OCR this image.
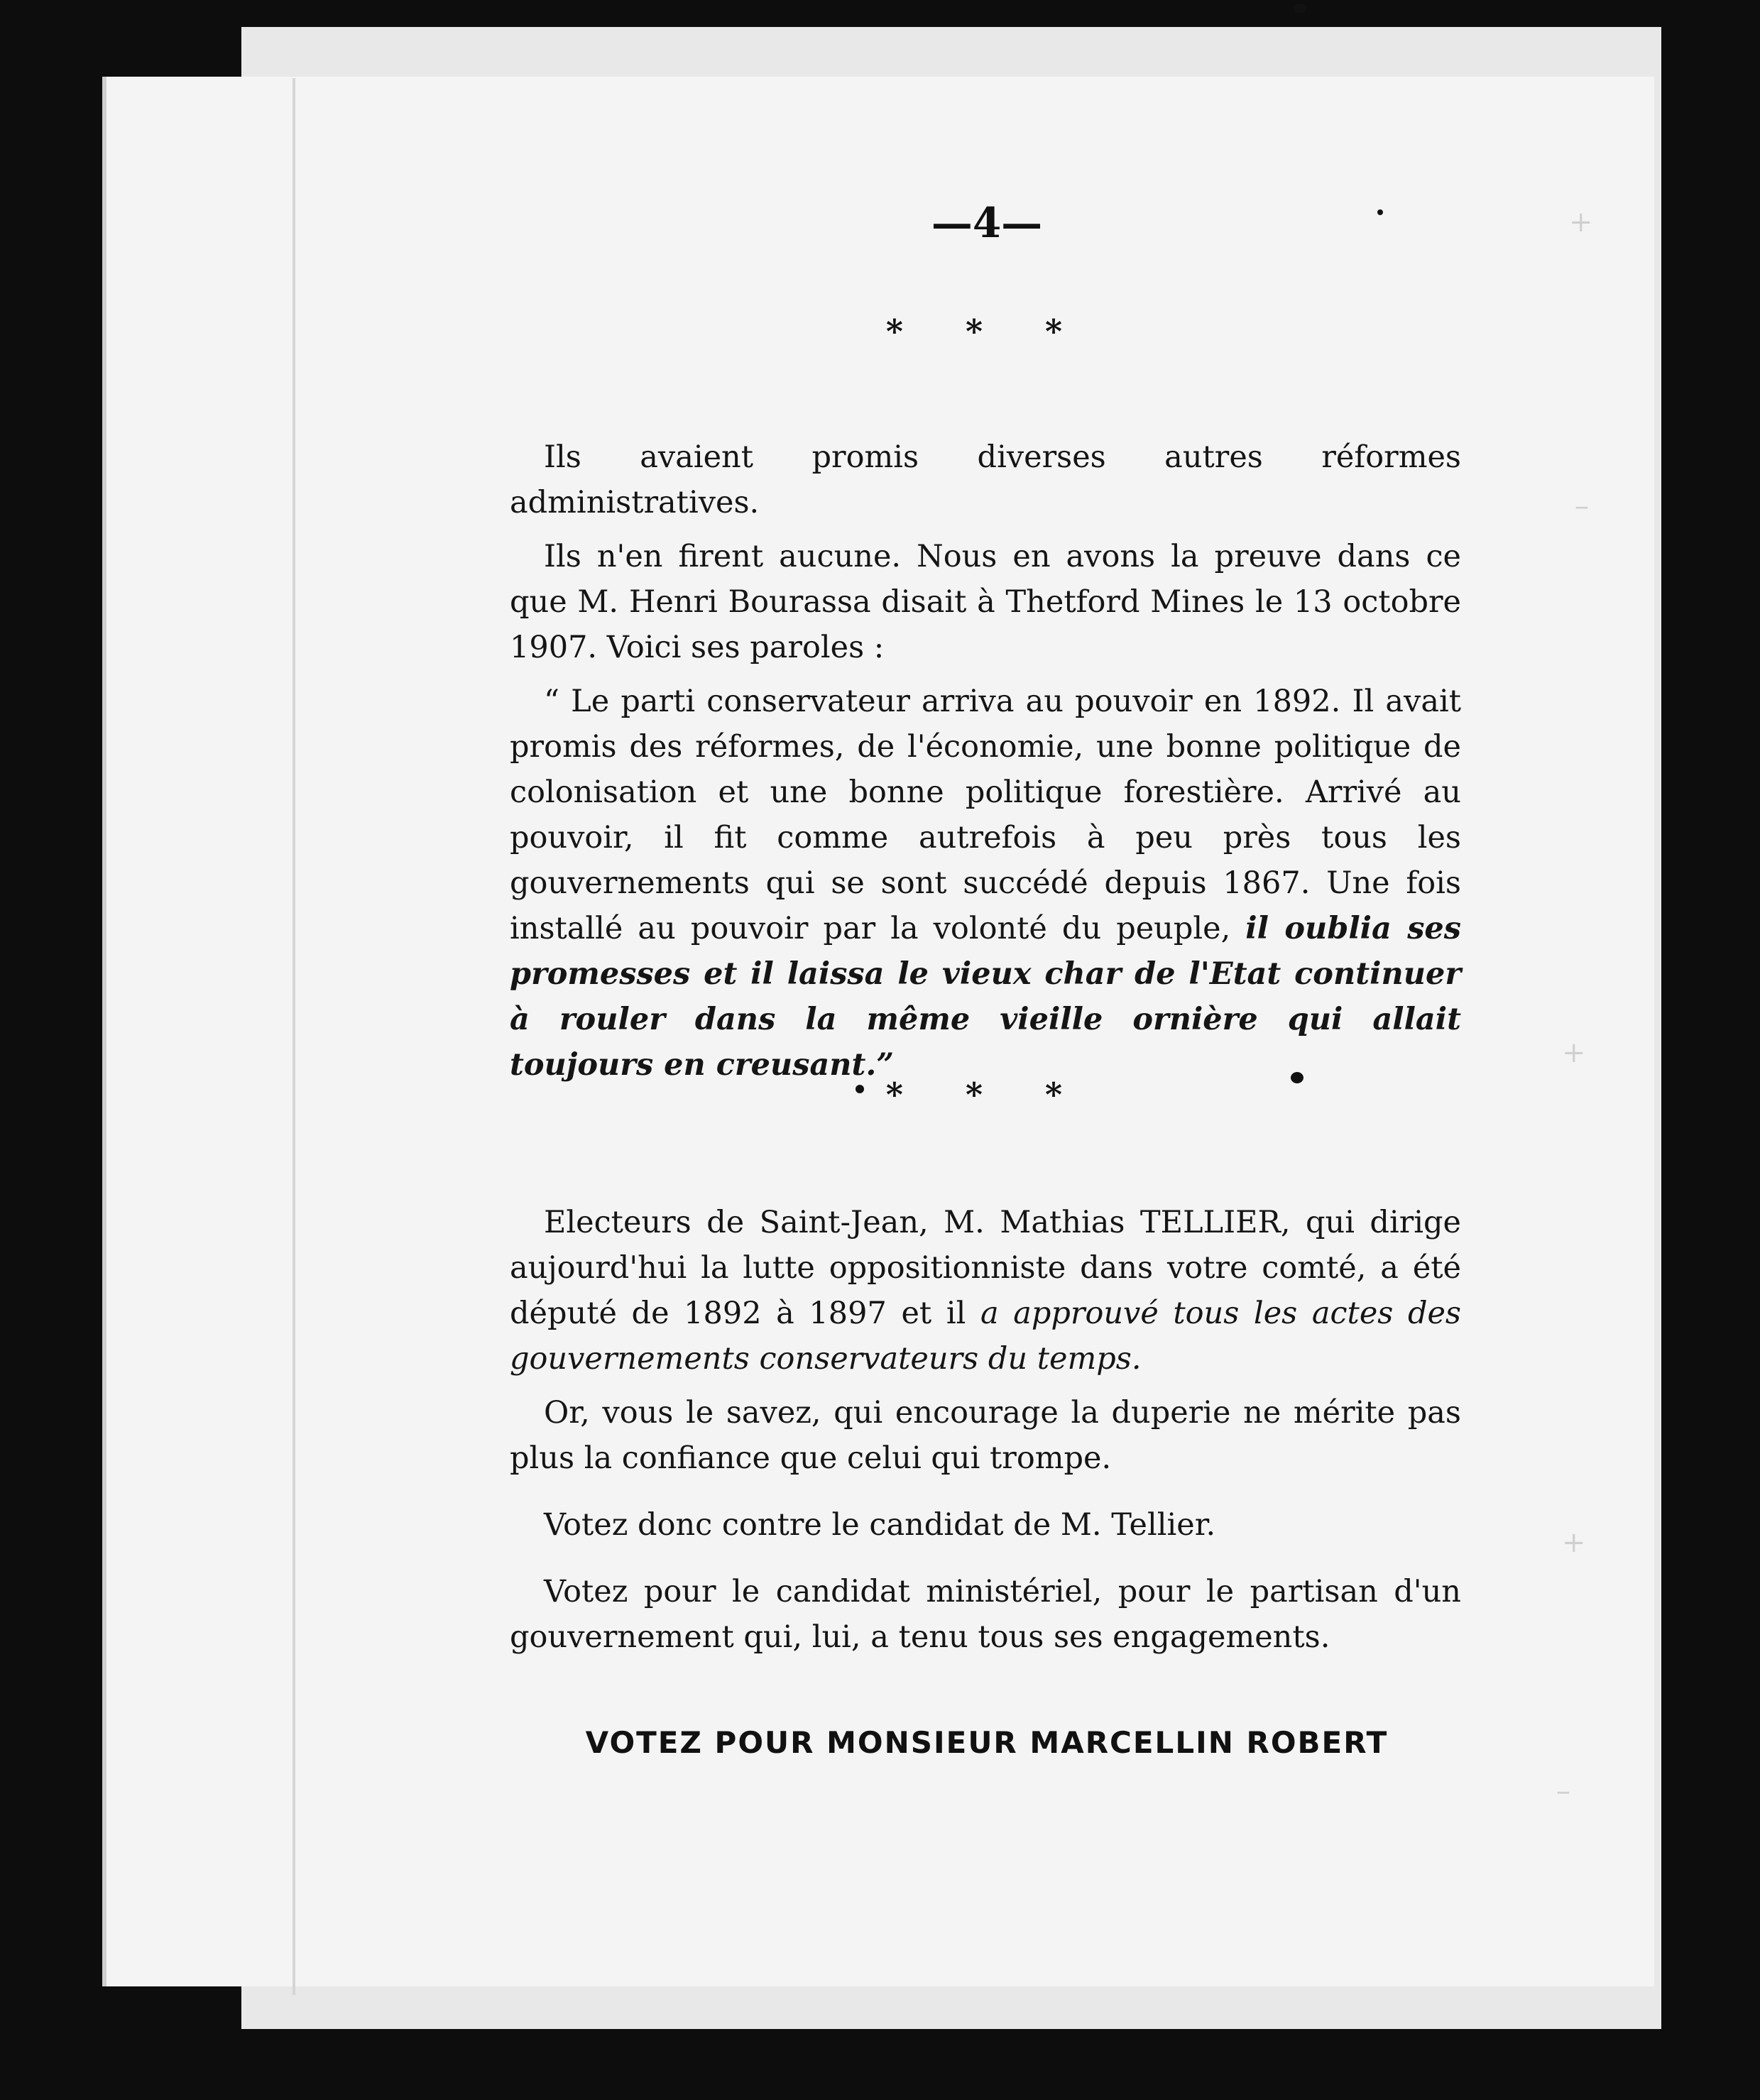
—4—
* * *

Ils avaient promis diverses autres réformes administratives.

Ils n'en firent aucune. Nous en avons la preuve dans ce que M. Henri Bourassa disait à Thetford Mines le 13 octobre 1907. Voici ses paroles :

“ Le parti conservateur arriva au pouvoir en 1892. Il avait promis des réformes, de l'économie, une bonne politique de colonisation et une bonne politique forestière. Arrivé au pouvoir, il fit comme autrefois à peu près tous les gouvernements qui se sont succédé depuis 1867. Une fois installé au pouvoir par la volonté du peuple, il oublia ses promesses et il laissa le vieux char de l'Etat continuer à rouler dans la même vieille ornière qui allait toujours en creusant.”

* * *

Electeurs de Saint-Jean, M. Mathias TELLIER, qui dirige aujourd'hui la lutte oppositionniste dans votre comté, a été député de 1892 à 1897 et il a approuvé tous les actes des gouvernements conservateurs du temps.

Or, vous le savez, qui encourage la duperie ne mérite pas plus la confiance que celui qui trompe.

Votez donc contre le candidat de M. Tellier.

Votez pour le candidat ministériel, pour le partisan d'un gouvernement qui, lui, a tenu tous ses engagements.

VOTEZ POUR MONSIEUR MARCELLIN ROBERT
+
–
+
+
–
